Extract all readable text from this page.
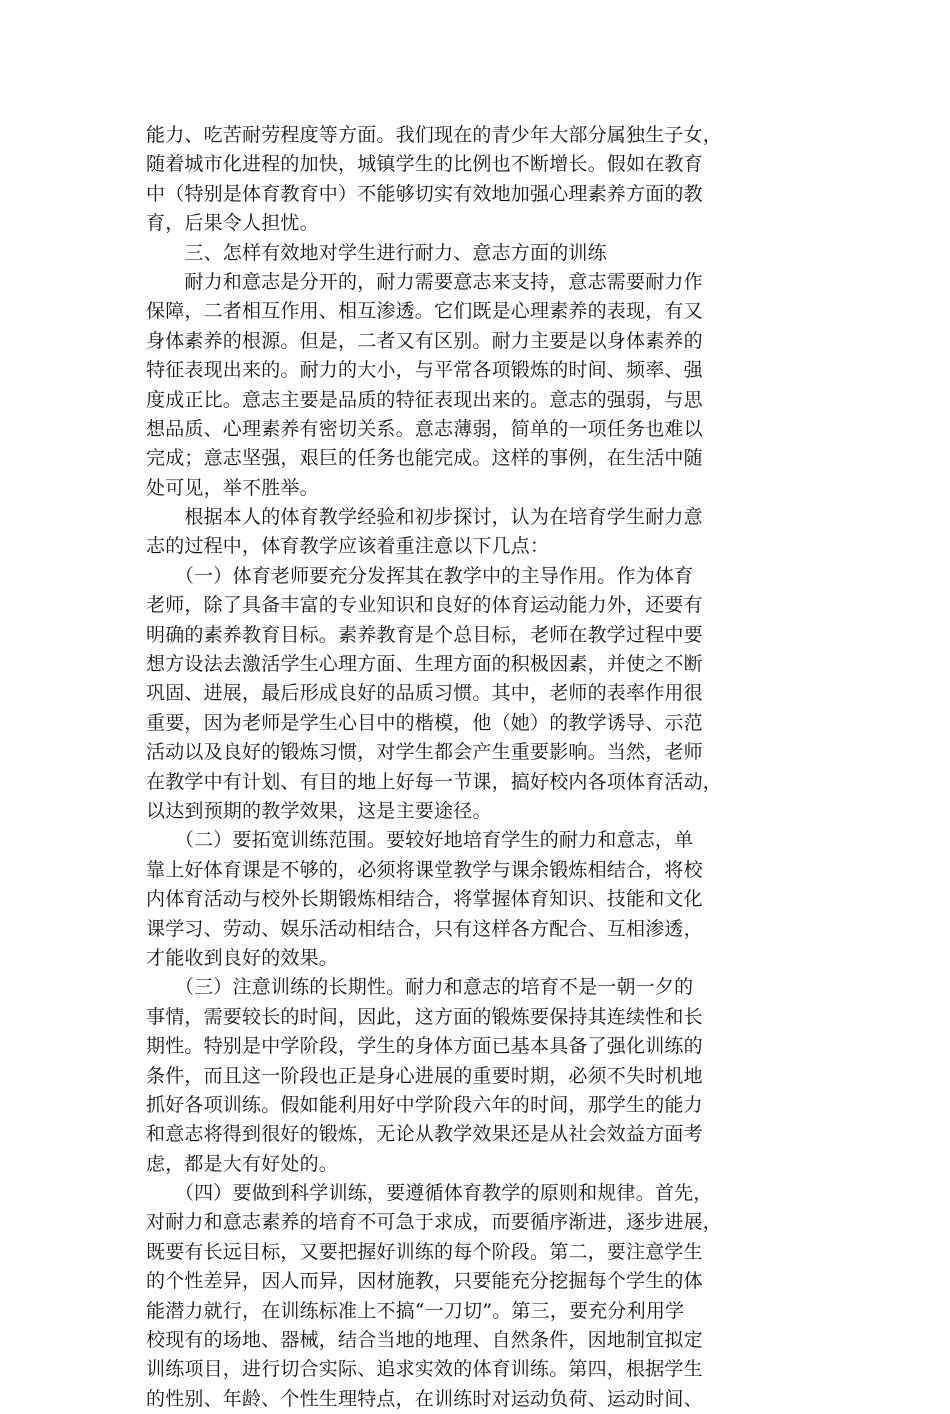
能力、吃苦耐劳程度等方面。我们现在的青少年大部分属独生子女，
随着城市化进程的加快，城镇学生的比例也不断增长。假如在教育
中（特别是体育教育中）不能够切实有效地加强心理素养方面的教
育，后果令人担忧。
　　三、怎样有效地对学生进行耐力、意志方面的训练
　　耐力和意志是分开的，耐力需要意志来支持，意志需要耐力作
保障，二者相互作用、相互渗透。它们既是心理素养的表现，有又
身体素养的根源。但是，二者又有区别。耐力主要是以身体素养的
特征表现出来的。耐力的大小，与平常各项锻炼的时间、频率、强
度成正比。意志主要是品质的特征表现出来的。意志的强弱，与思
想品质、心理素养有密切关系。意志薄弱，简单的一项任务也难以
完成；意志坚强，艰巨的任务也能完成。这样的事例，在生活中随
处可见，举不胜举。
　　根据本人的体育教学经验和初步探讨，认为在培育学生耐力意
志的过程中，体育教学应该着重注意以下几点：
　　（一）体育老师要充分发挥其在教学中的主导作用。作为体育
老师，除了具备丰富的专业知识和良好的体育运动能力外，还要有
明确的素养教育目标。素养教育是个总目标，老师在教学过程中要
想方设法去激活学生心理方面、生理方面的积极因素，并使之不断
巩固、进展，最后形成良好的品质习惯。其中，老师的表率作用很
重要，因为老师是学生心目中的楷模，他（她）的教学诱导、示范
活动以及良好的锻炼习惯，对学生都会产生重要影响。当然，老师
在教学中有计划、有目的地上好每一节课，搞好校内各项体育活动，
以达到预期的教学效果，这是主要途径。
　　（二）要拓宽训练范围。要较好地培育学生的耐力和意志，单
靠上好体育课是不够的，必须将课堂教学与课余锻炼相结合，将校
内体育活动与校外长期锻炼相结合，将掌握体育知识、技能和文化
课学习、劳动、娱乐活动相结合，只有这样各方配合、互相渗透，
才能收到良好的效果。
　　（三）注意训练的长期性。耐力和意志的培育不是一朝一夕的
事情，需要较长的时间，因此，这方面的锻炼要保持其连续性和长
期性。特别是中学阶段，学生的身体方面已基本具备了强化训练的
条件，而且这一阶段也正是身心进展的重要时期，必须不失时机地
抓好各项训练。假如能利用好中学阶段六年的时间，那学生的能力
和意志将得到很好的锻炼，无论从教学效果还是从社会效益方面考
虑，都是大有好处的。
　　（四）要做到科学训练，要遵循体育教学的原则和规律。首先，
对耐力和意志素养的培育不可急于求成，而要循序渐进，逐步进展，
既要有长远目标，又要把握好训练的每个阶段。第二，要注意学生
的个性差异，因人而异，因材施教，只要能充分挖掘每个学生的体
能潜力就行，在训练标准上不搞“一刀切”。第三，要充分利用学
校现有的场地、器械，结合当地的地理、自然条件，因地制宜拟定
训练项目，进行切合实际、追求实效的体育训练。第四，根据学生
的性别、年龄、个性生理特点，在训练时对运动负荷、运动时间、
